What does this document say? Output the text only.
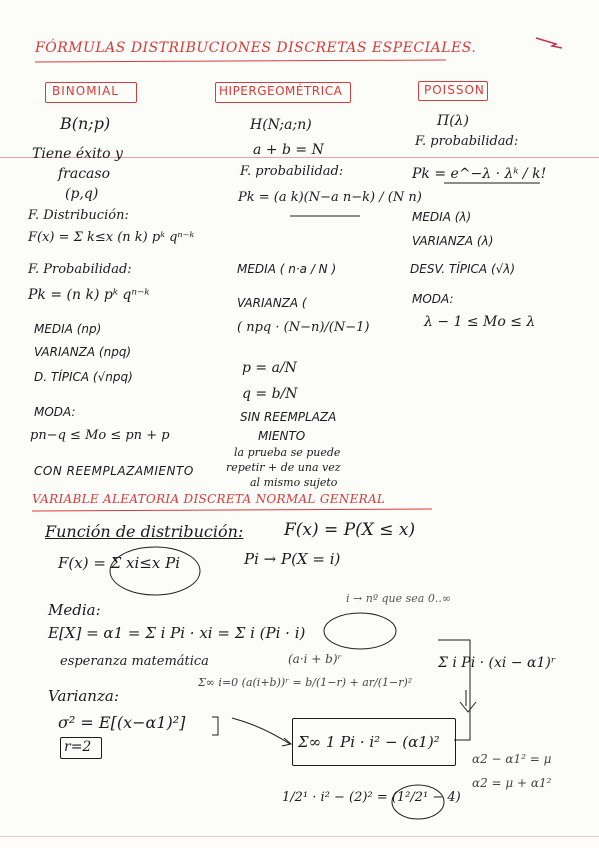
FÓRMULAS DISTRIBUCIONES DISCRETAS ESPECIALES.
BINOMIAL
B(n;p)
Tiene éxito y
fracaso
(p,q)
F. Distribución:
F(x) = Σ k≤x (n k) pᵏ qⁿ⁻ᵏ
F. Probabilidad:
Pk = (n k) pᵏ qⁿ⁻ᵏ
MEDIA (np)
VARIANZA (npq)
D. TÍPICA (√npq)
MODA:
pn−q ≤ Mo ≤ pn + p
CON REEMPLAZAMIENTO
HIPERGEOMÉTRICA
H(N;a;n)
a + b = N
F. probabilidad:
Pk = (a k)(N−a n−k) / (N n)
MEDIA ( n·a / N )
VARIANZA (
( npq · (N−n)/(N−1)
p = a/N
q = b/N
SIN REEMPLAZA
MIENTO
la prueba se puede
repetir + de una vez
al mismo sujeto
POISSON
Π(λ)
F. probabilidad:
Pk = e^−λ · λᵏ / k!
MEDIA (λ)
VARIANZA (λ)
DESV. TÍPICA (√λ)
MODA:
λ − 1 ≤ Mo ≤ λ
VARIABLE ALEATORIA DISCRETA NORMAL GENERAL
Función de distribución: F(x) = P(X ≤ x)
F(x) = Σ xi≤x Pi	Pi → P(X = i)
Media:
i → nº que sea 0..∞
E[X] = α1 = Σ i Pi · xi = Σ i (Pi · i)
esperanza matemática	(a·i + b)ʳ	Σ i Pi · (xi − α1)ʳ
Σ∞ i=0 (a(i+b))ʳ = b/(1−r) + ar/(1−r)²
Varianza:
σ² = E[(x−α1)²]
r=2	Σ∞ 1 Pi · i² − (α1)²
α2 − α1² = μ
α2 = μ + α1²
1/2¹ · i² − (2)² = (1²/2¹ − 4)
